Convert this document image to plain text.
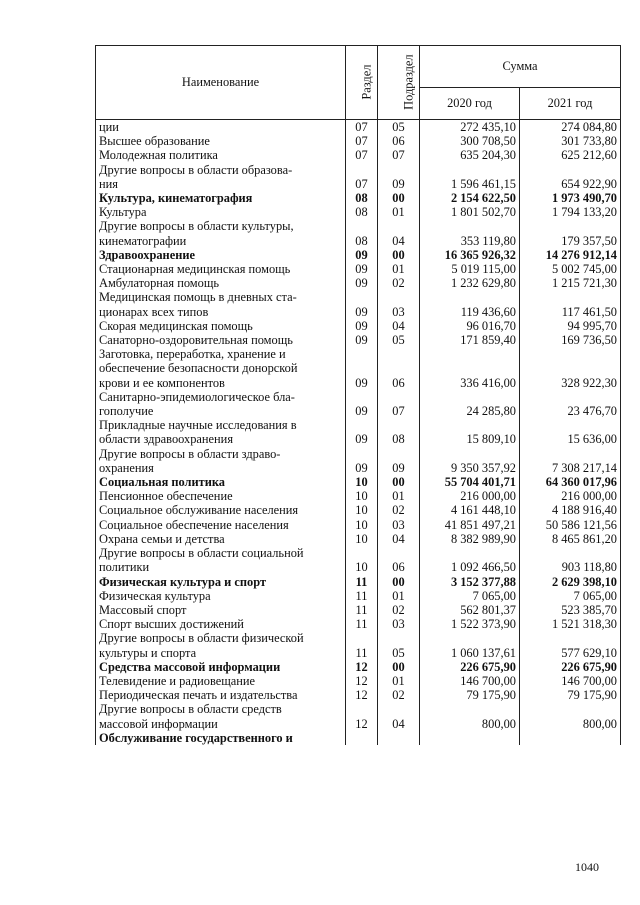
Наименование	Раздел	Подраздел	Сумма	
			2020 год	2021 год

ции	07	05	272 435,10	274 084,80

Высшее образование	07	06	300 708,50	301 733,80

Молодежная политика	07	07	635 204,30	625 212,60

Другие вопросы в области образова-
ния	07	09	1 596 461,15	654 922,90

Культура, кинематография	08	00	2 154 622,50	1 973 490,70

Культура	08	01	1 801 502,70	1 794 133,20

Другие вопросы в области культуры,
кинематографии	08	04	353 119,80	179 357,50

Здравоохранение	09	00	16 365 926,32	14 276 912,14

Стационарная медицинская помощь	09	01	5 019 115,00	5 002 745,00

Амбулаторная помощь	09	02	1 232 629,80	1 215 721,30

Медицинская помощь в дневных ста-
ционарах всех типов	09	03	119 436,60	117 461,50

Скорая медицинская помощь	09	04	96 016,70	94 995,70

Санаторно-оздоровительная помощь	09	05	171 859,40	169 736,50

Заготовка, переработка, хранение и
обеспечение безопасности донорской
крови и ее компонентов	09	06	336 416,00	328 922,30

Санитарно-эпидемиологическое бла-
гополучие	09	07	24 285,80	23 476,70

Прикладные научные исследования в
области здравоохранения	09	08	15 809,10	15 636,00

Другие вопросы в области здраво-
охранения	09	09	9 350 357,92	7 308 217,14

Социальная политика	10	00	55 704 401,71	64 360 017,96

Пенсионное обеспечение	10	01	216 000,00	216 000,00

Социальное обслуживание населения	10	02	4 161 448,10	4 188 916,40

Социальное обеспечение населения	10	03	41 851 497,21	50 586 121,56

Охрана семьи и детства	10	04	8 382 989,90	8 465 861,20

Другие вопросы в области социальной
политики	10	06	1 092 466,50	903 118,80

Физическая культура и спорт	11	00	3 152 377,88	2 629 398,10

Физическая культура	11	01	7 065,00	7 065,00

Массовый спорт	11	02	562 801,37	523 385,70

Спорт высших достижений	11	03	1 522 373,90	1 521 318,30

Другие вопросы в области физической
культуры и спорта	11	05	1 060 137,61	577 629,10

Средства массовой информации	12	00	226 675,90	226 675,90

Телевидение и радиовещание	12	01	146 700,00	146 700,00

Периодическая печать и издательства	12	02	79 175,90	79 175,90

Другие вопросы в области средств
массовой информации	12	04	800,00	800,00

Обслуживание государственного и				

1040
